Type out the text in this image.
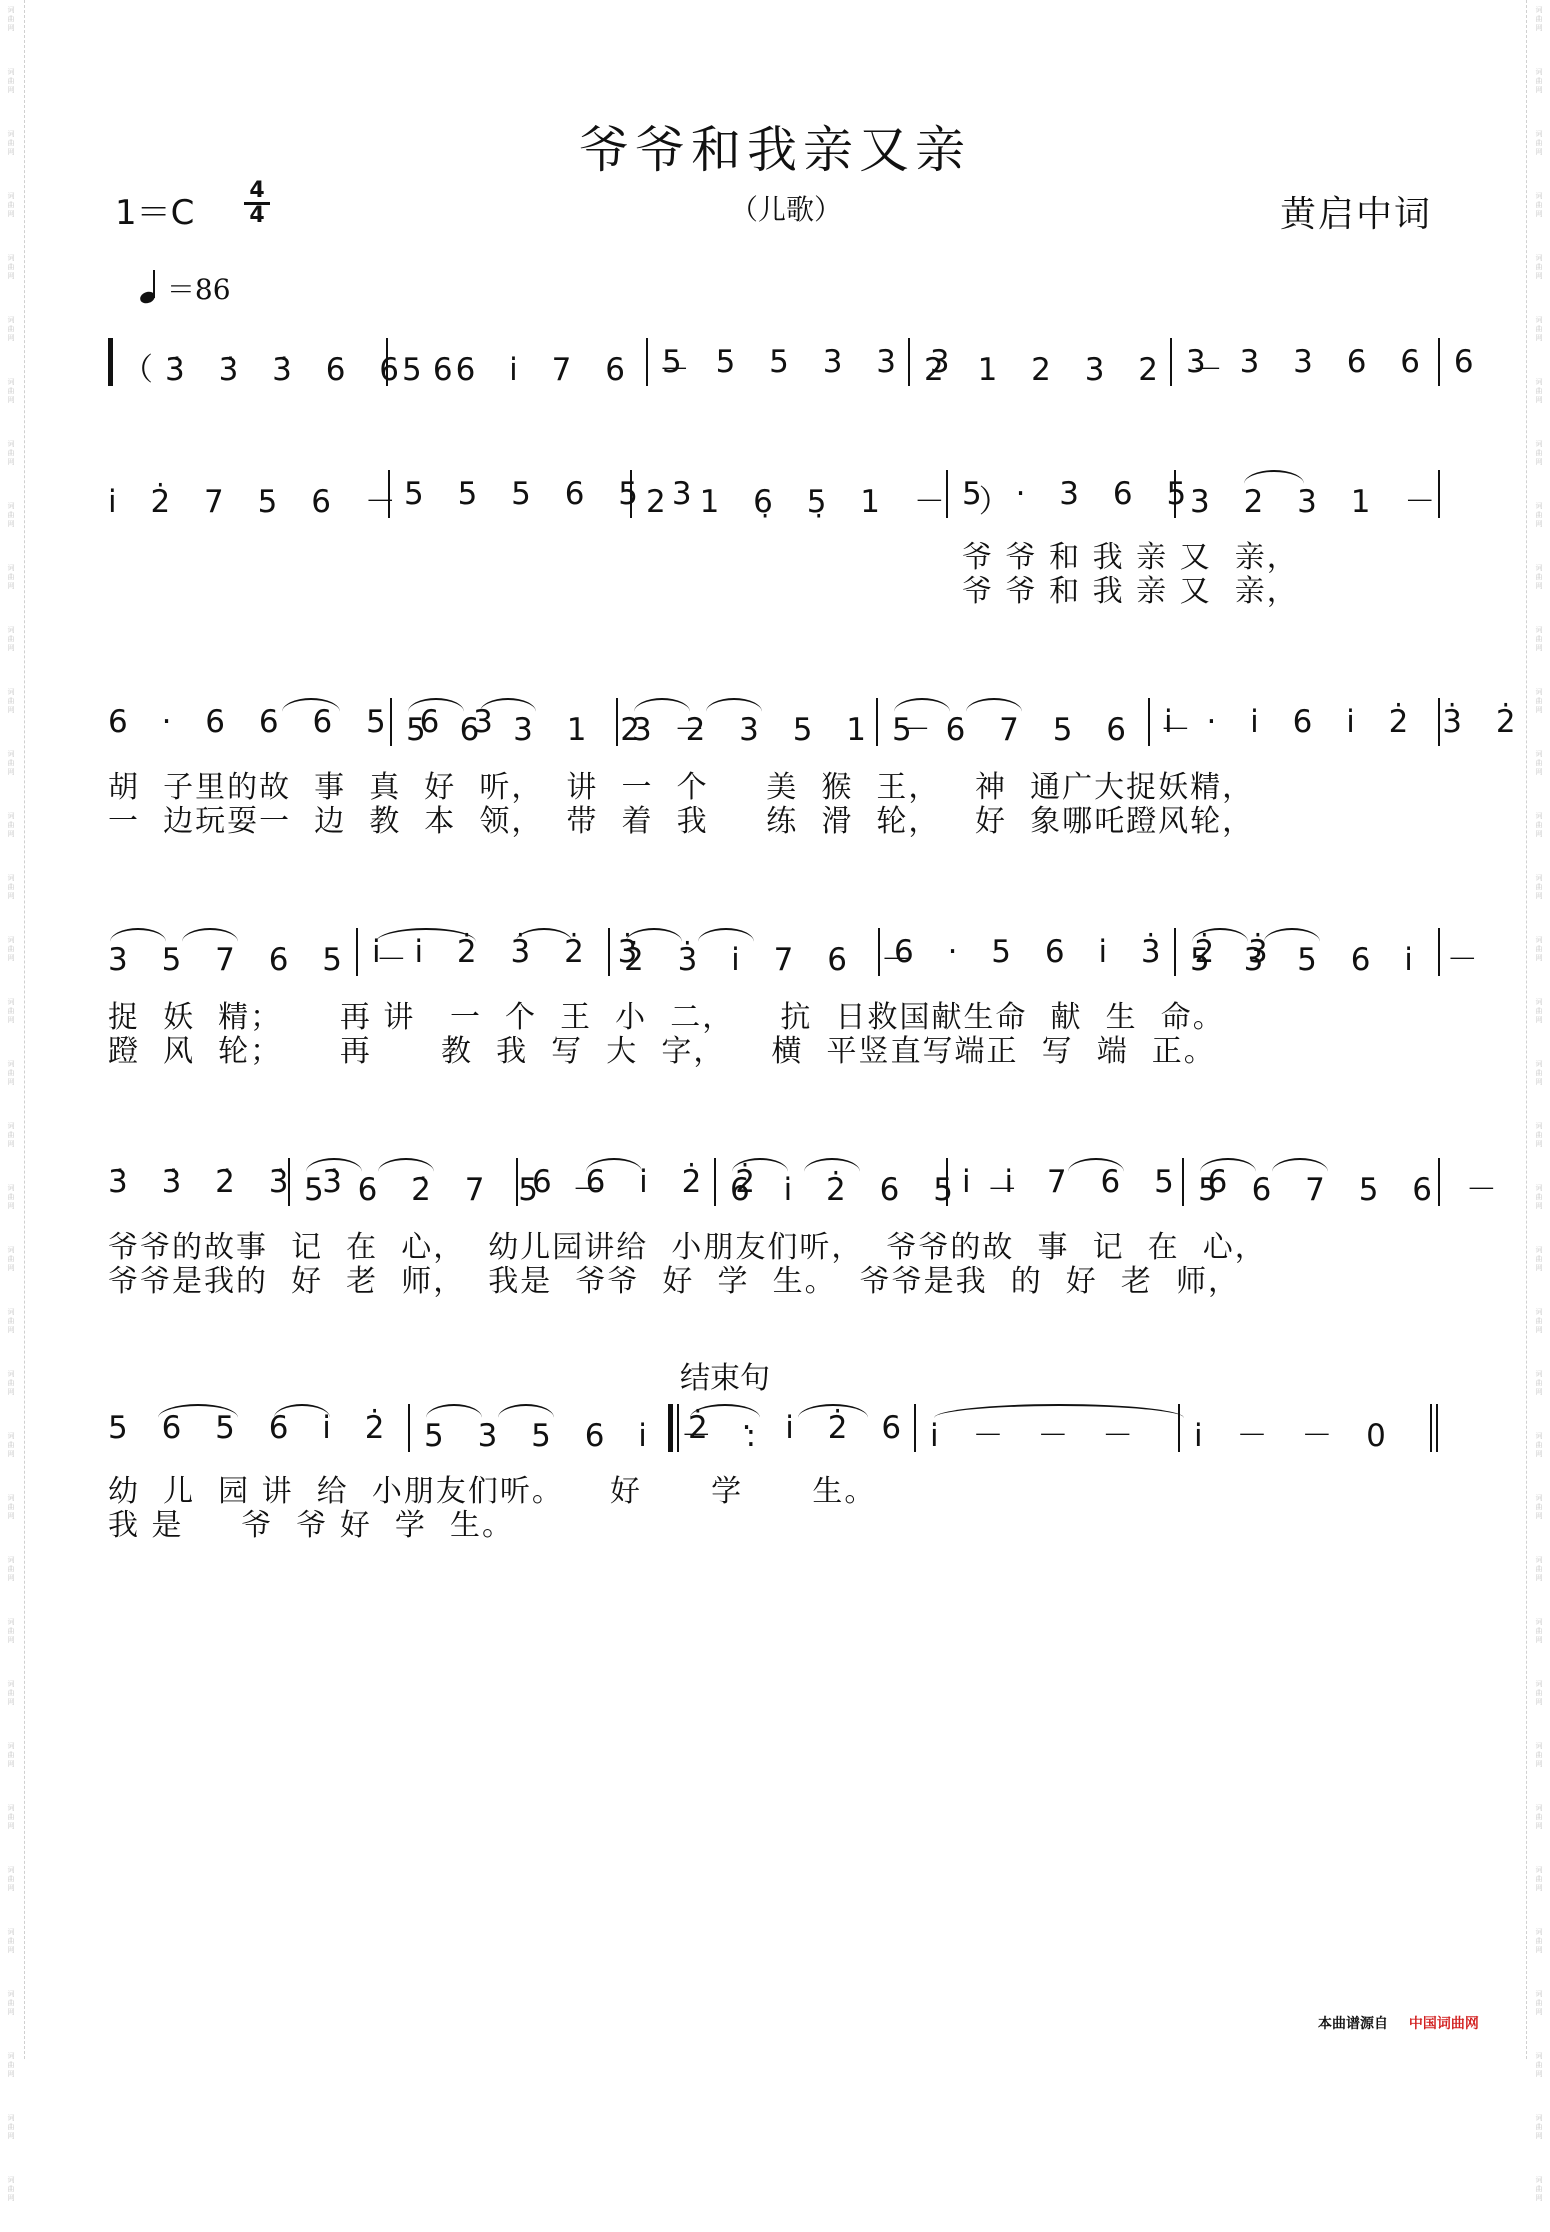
词
曲
网
词
曲
网
词
曲
网
词
曲
网
词
曲
网
词
曲
网
词
曲
网
词
曲
网
词
曲
网
词
曲
网
词
曲
网
词
曲
网
词
曲
网
词
曲
网
词
曲
网
词
曲
网
词
曲
网
词
曲
网
词
曲
网
词
曲
网
词
曲
网
词
曲
网
词
曲
网
词
曲
网
词
曲
网
词
曲
网
词
曲
网
词
曲
网
词
曲
网
词
曲
网
词
曲
网
词
曲
网
词
曲
网
词
曲
网
词
曲
网
词
曲
网
词
曲
网
词
曲
网
词
曲
网
词
曲
网
词
曲
网
词
曲
网
词
曲
网
词
曲
网
词
曲
网
词
曲
网
词
曲
网
词
曲
网
词
曲
网
词
曲
网
词
曲
网
词
曲
网
词
曲
网
词
曲
网
词
曲
网
词
曲
网
词
曲
网
词
曲
网
词
曲
网
词
曲
网
词
曲
网
词
曲
网
词
曲
网
词
曲
网
词
曲
网
词
曲
网
词
曲
网
词
曲
网
词
曲
网
词
曲
网
词
曲
网
词
曲
网
爷爷和我亲又亲
1＝C
4
4	（儿歌）	黄启中词
＝86
（3̇ 3̇ 3̇ 6 6 6
5 6 i̇ 7 6 －
5 5 5 3 3 3
2 1 2 3 2 －
3 3 3 6 6 6
i̇ 2̇ 7 5 6 －
5 5 5 6 5 3
2 1 6̣ 5̣ 1 － ）
5 · 3 6 5
3 2 3 1 －
爷 爷 和 我 亲 又  亲，
爷 爷 和 我 亲 又  亲，
6 · 6 6 6 5 6 3
5 6 3 1 2 －
3 2 3 5 1 －
5 6 7 5 6 －
i̇ · i̇ 6 i̇ 2̇ 3̇ 2̇
胡  子里的故  事  真  好  听，  讲  一  个     美  猴  王，   神  通广大捉妖精，
一  边玩耍一  边  教  本  领，  带  着  我     练  滑  轮，   好  象哪吒蹬风轮，
3 5 7 6 5 －
i̇ i̇ 2̇ 3̇ 2̇ 3̇
2̇ 3̇ i̇ 7 6 －
6 · 5 6 i̇ 3̇ 2̇ 3̇
5 3 5 6 i̇ －
捉  妖  精；     再 讲   一  个  王  小  二，    抗  日救国献生命  献  生  命。
蹬  风  轮；     再      教  我  写  大  字，    横  平竖直写端正  写  端  正。
3̇ 3̇ 2̇ 3̇ 3̇
5 6 2̇ 7 5 －
6 6 i̇ 2̇ 2̇
6 i̇ 2̇ 6 5 －
i̇ i̇ 7 6 5 6
5 6 7 5 6 －
爷爷的故事  记  在  心，  幼儿园讲给  小朋友们听，  爷爷的故  事  记  在  心，
爷爷是我的  好  老  师，  我是  爷爷  好  学  生。  爷爷是我  的  好  老  师，
结束句
5 6 5 6 i̇ 2̇ 5 3 5 6 i̇ － :
2̇ · i̇ 2̇ 6 i̇ － － － i̇ － － 0
幼  儿  园 讲  给  小朋友们听。    好      学      生。
我 是     爷  爷 好  学  生。
本曲谱源自 中国词曲网
